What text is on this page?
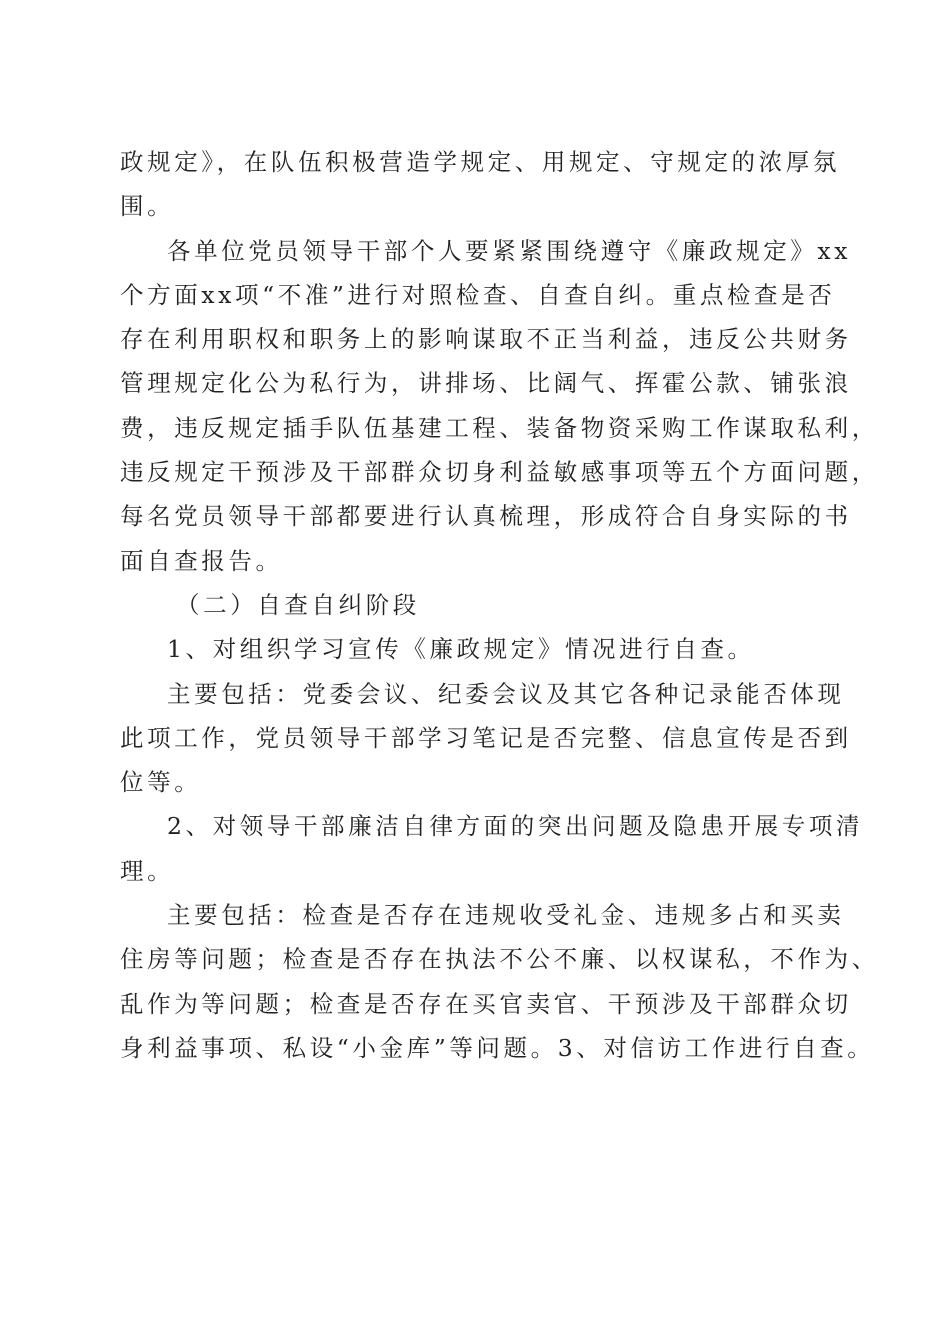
政规定》，在队伍积极营造学规定、用规定、守规定的浓厚氛
围。
各单位党员领导干部个人要紧紧围绕遵守《廉政规定》xx
个方面xx项“不准”进行对照检查、自查自纠。重点检查是否
存在利用职权和职务上的影响谋取不正当利益，违反公共财务
管理规定化公为私行为，讲排场、比阔气、挥霍公款、铺张浪
费，违反规定插手队伍基建工程、装备物资采购工作谋取私利，
违反规定干预涉及干部群众切身利益敏感事项等五个方面问题，
每名党员领导干部都要进行认真梳理，形成符合自身实际的书
面自查报告。
（二）自查自纠阶段
1、对组织学习宣传《廉政规定》情况进行自查。
主要包括：党委会议、纪委会议及其它各种记录能否体现
此项工作，党员领导干部学习笔记是否完整、信息宣传是否到
位等。
2、对领导干部廉洁自律方面的突出问题及隐患开展专项清
理。
主要包括：检查是否存在违规收受礼金、违规多占和买卖
住房等问题；检查是否存在执法不公不廉、以权谋私，不作为、
乱作为等问题；检查是否存在买官卖官、干预涉及干部群众切
身利益事项、私设“小金库”等问题。3、对信访工作进行自查。
